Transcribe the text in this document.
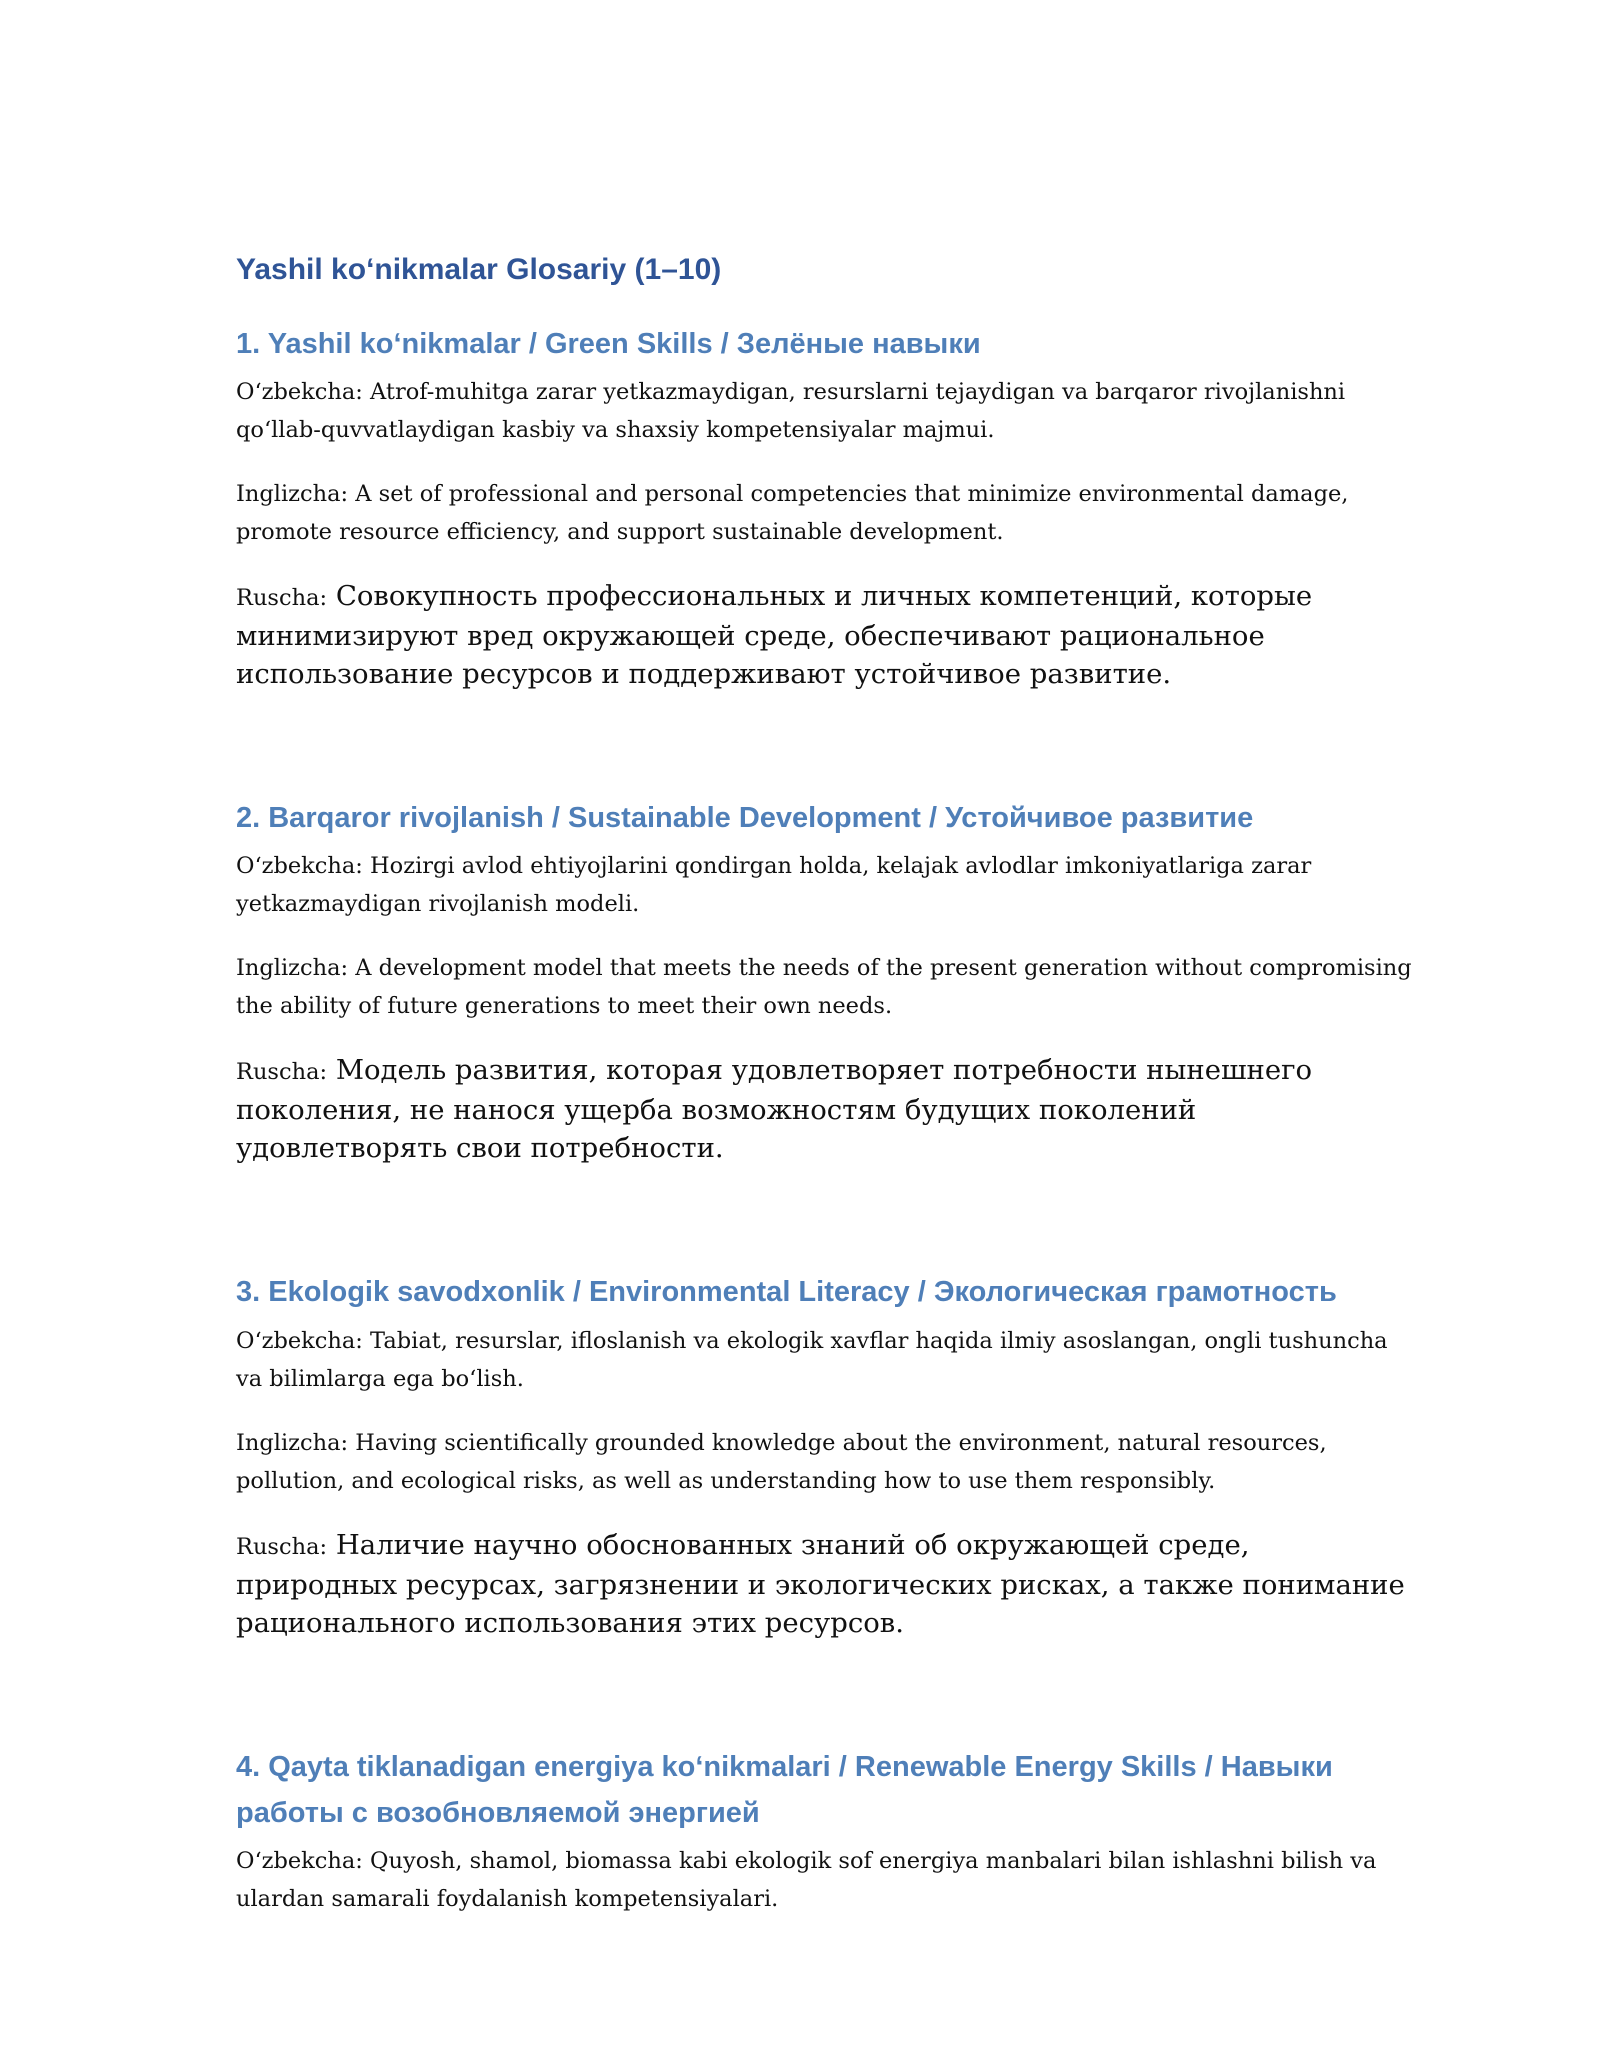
Yashil koʻnikmalar Glosariy (1–10)
1. Yashil koʻnikmalar / Green Skills / Зелёные навыки

Oʻzbekcha: Atrof-muhitga zarar yetkazmaydigan, resurslarni tejaydigan va barqaror rivojlanishni qoʻllab-quvvatlaydigan kasbiy va shaxsiy kompetensiyalar majmui.

Inglizcha: A set of professional and personal competencies that minimize environmental damage, promote resource efficiency, and support sustainable development.

Ruscha: Совокупность профессиональных и личных компетенций, которые минимизируют вред окружающей среде, обеспечивают рациональное использование ресурсов и поддерживают устойчивое развитие.

2. Barqaror rivojlanish / Sustainable Development / Устойчивое развитие

Oʻzbekcha: Hozirgi avlod ehtiyojlarini qondirgan holda, kelajak avlodlar imkoniyatlariga zarar yetkazmaydigan rivojlanish modeli.

Inglizcha: A development model that meets the needs of the present generation without compromising the ability of future generations to meet their own needs.

Ruscha: Модель развития, которая удовлетворяет потребности нынешнего поколения, не нанося ущерба возможностям будущих поколений удовлетворять свои потребности.

3. Ekologik savodxonlik / Environmental Literacy / Экологическая грамотность

Oʻzbekcha: Tabiat, resurslar, ifloslanish va ekologik xavflar haqida ilmiy asoslangan, ongli tushuncha va bilimlarga ega boʻlish.

Inglizcha: Having scientifically grounded knowledge about the environment, natural resources, pollution, and ecological risks, as well as understanding how to use them responsibly.

Ruscha: Наличие научно обоснованных знаний об окружающей среде, природных ресурсах, загрязнении и экологических рисках, а также понимание рационального использования этих ресурсов.

4. Qayta tiklanadigan energiya koʻnikmalari / Renewable Energy Skills / Навыки работы с возобновляемой энергией

Oʻzbekcha: Quyosh, shamol, biomassa kabi ekologik sof energiya manbalari bilan ishlashni bilish va ulardan samarali foydalanish kompetensiyalari.
